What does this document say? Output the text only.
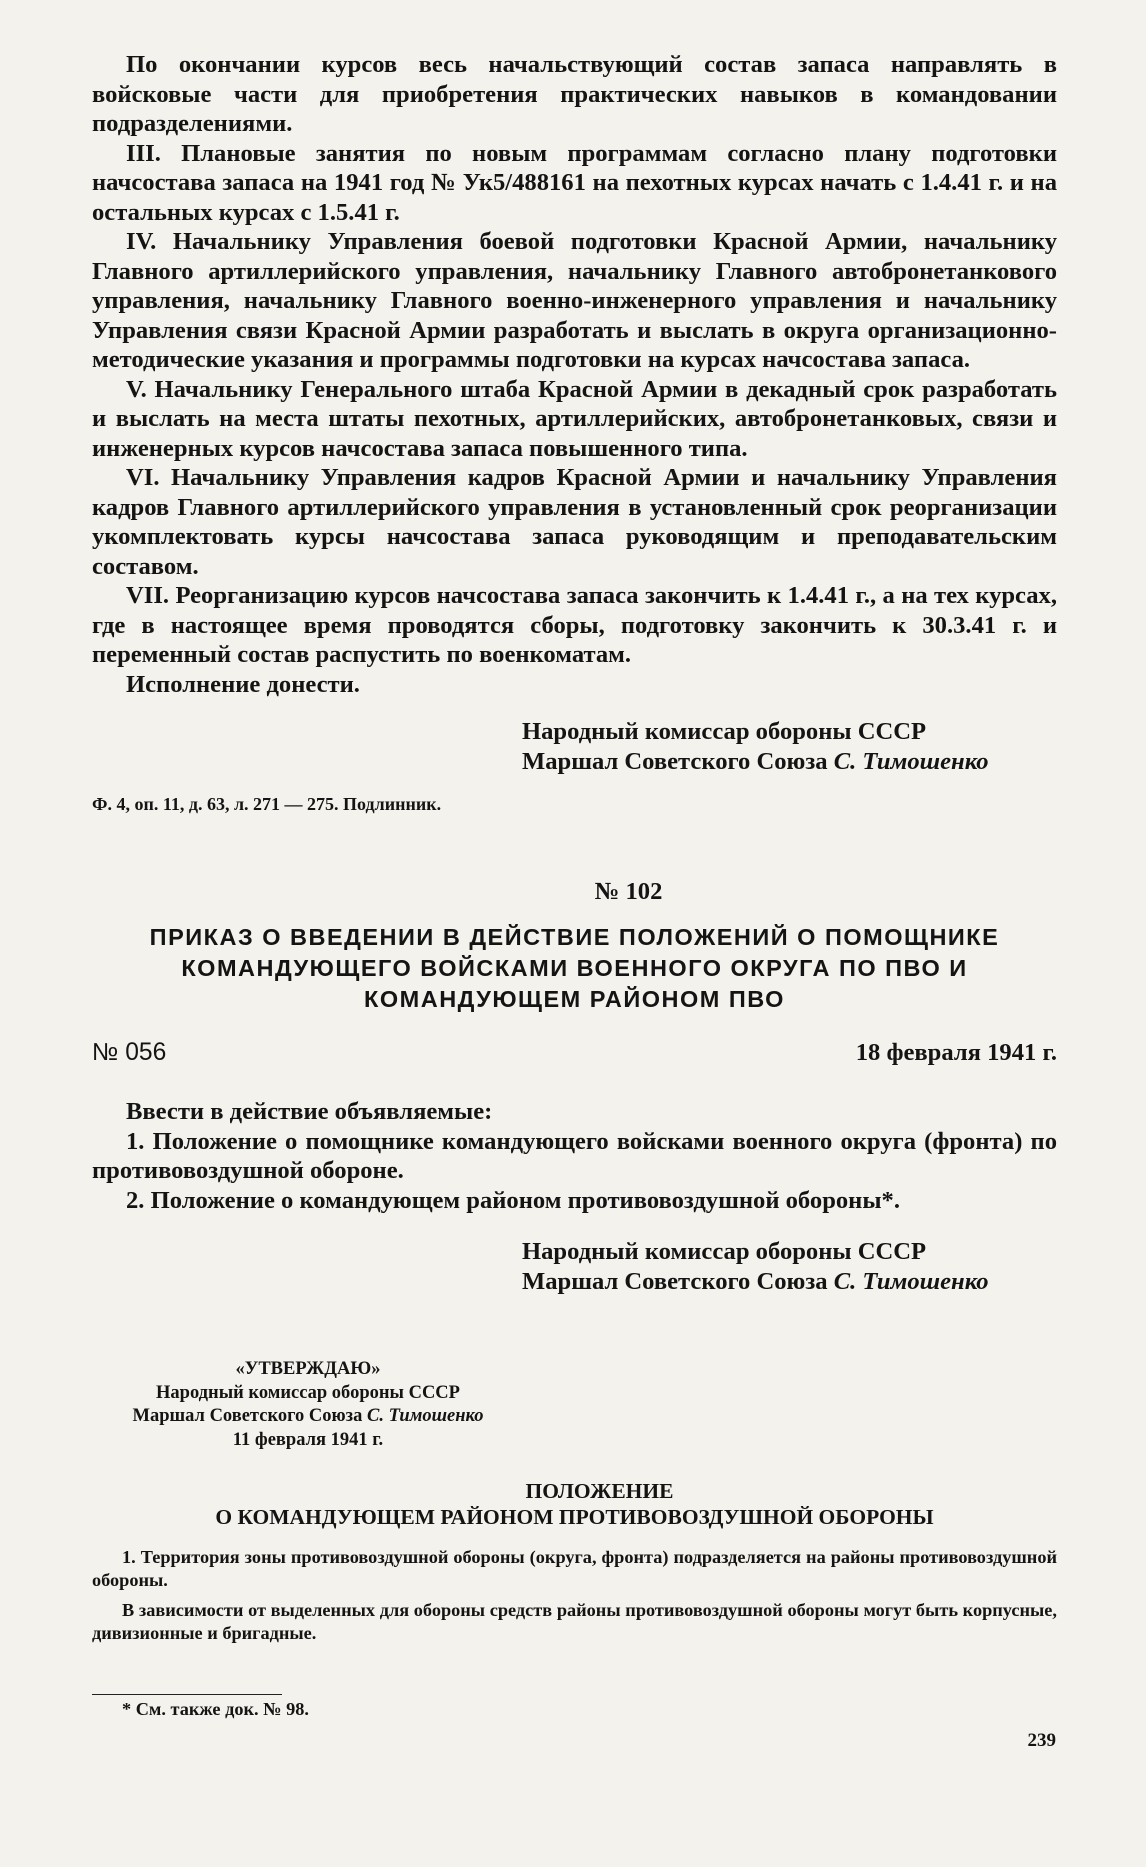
По окончании курсов весь начальствующий состав запаса направлять в войсковые части для приобретения практических навыков в командовании подразделениями.

III. Плановые занятия по новым программам согласно плану подготовки начсостава запаса на 1941 год № Ук5/488161 на пехотных курсах начать с 1.4.41 г. и на остальных курсах с 1.5.41 г.

IV. Начальнику Управления боевой подготовки Красной Армии, начальнику Главного артиллерийского управления, начальнику Главного автобронетанкового управления, начальнику Главного военно-инженерного управления и начальнику Управления связи Красной Армии разработать и выслать в округа организационно-методические указания и программы подготовки на курсах начсостава запаса.

V. Начальнику Генерального штаба Красной Армии в декадный срок разработать и выслать на места штаты пехотных, артиллерийских, автобронетанковых, связи и инженерных курсов начсостава запаса повышенного типа.

VI. Начальнику Управления кадров Красной Армии и начальнику Управления кадров Главного артиллерийского управления в установленный срок реорганизации укомплектовать курсы начсостава запаса руководящим и преподавательским составом.

VII. Реорганизацию курсов начсостава запаса закончить к 1.4.41 г., а на тех курсах, где в настоящее время проводятся сборы, подготовку закончить к 30.3.41 г. и переменный состав распустить по военкоматам.

Исполнение донести.

Народный комиссар обороны СССР
Маршал Советского Союза С. Тимошенко

Ф. 4, оп. 11, д. 63, л. 271 — 275. Подлинник.

№ 102

ПРИКАЗ О ВВЕДЕНИИ В ДЕЙСТВИЕ ПОЛОЖЕНИЙ О ПОМОЩНИКЕ
КОМАНДУЮЩЕГО ВОЙСКАМИ ВОЕННОГО ОКРУГА ПО ПВО И
КОМАНДУЮЩЕМ РАЙОНОМ ПВО
№ 056	18 февраля 1941 г.

Ввести в действие объявляемые:

1. Положение о помощнике командующего войсками военного округа (фронта) по противовоздушной обороне.

2. Положение о командующем районом противовоздушной обороны*.

Народный комиссар обороны СССР
Маршал Советского Союза С. Тимошенко
«УТВЕРЖДАЮ»
Народный комиссар обороны СССР
Маршал Советского Союза С. Тимошенко
11 февраля 1941 г.
ПОЛОЖЕНИЕ
О КОМАНДУЮЩЕМ РАЙОНОМ ПРОТИВОВОЗДУШНОЙ ОБОРОНЫ

1. Территория зоны противовоздушной обороны (округа, фронта) подразделяется на районы противовоздушной обороны.

В зависимости от выделенных для обороны средств районы противовоздушной обороны могут быть корпусные, дивизионные и бригадные.

* См. также док. № 98.

239
